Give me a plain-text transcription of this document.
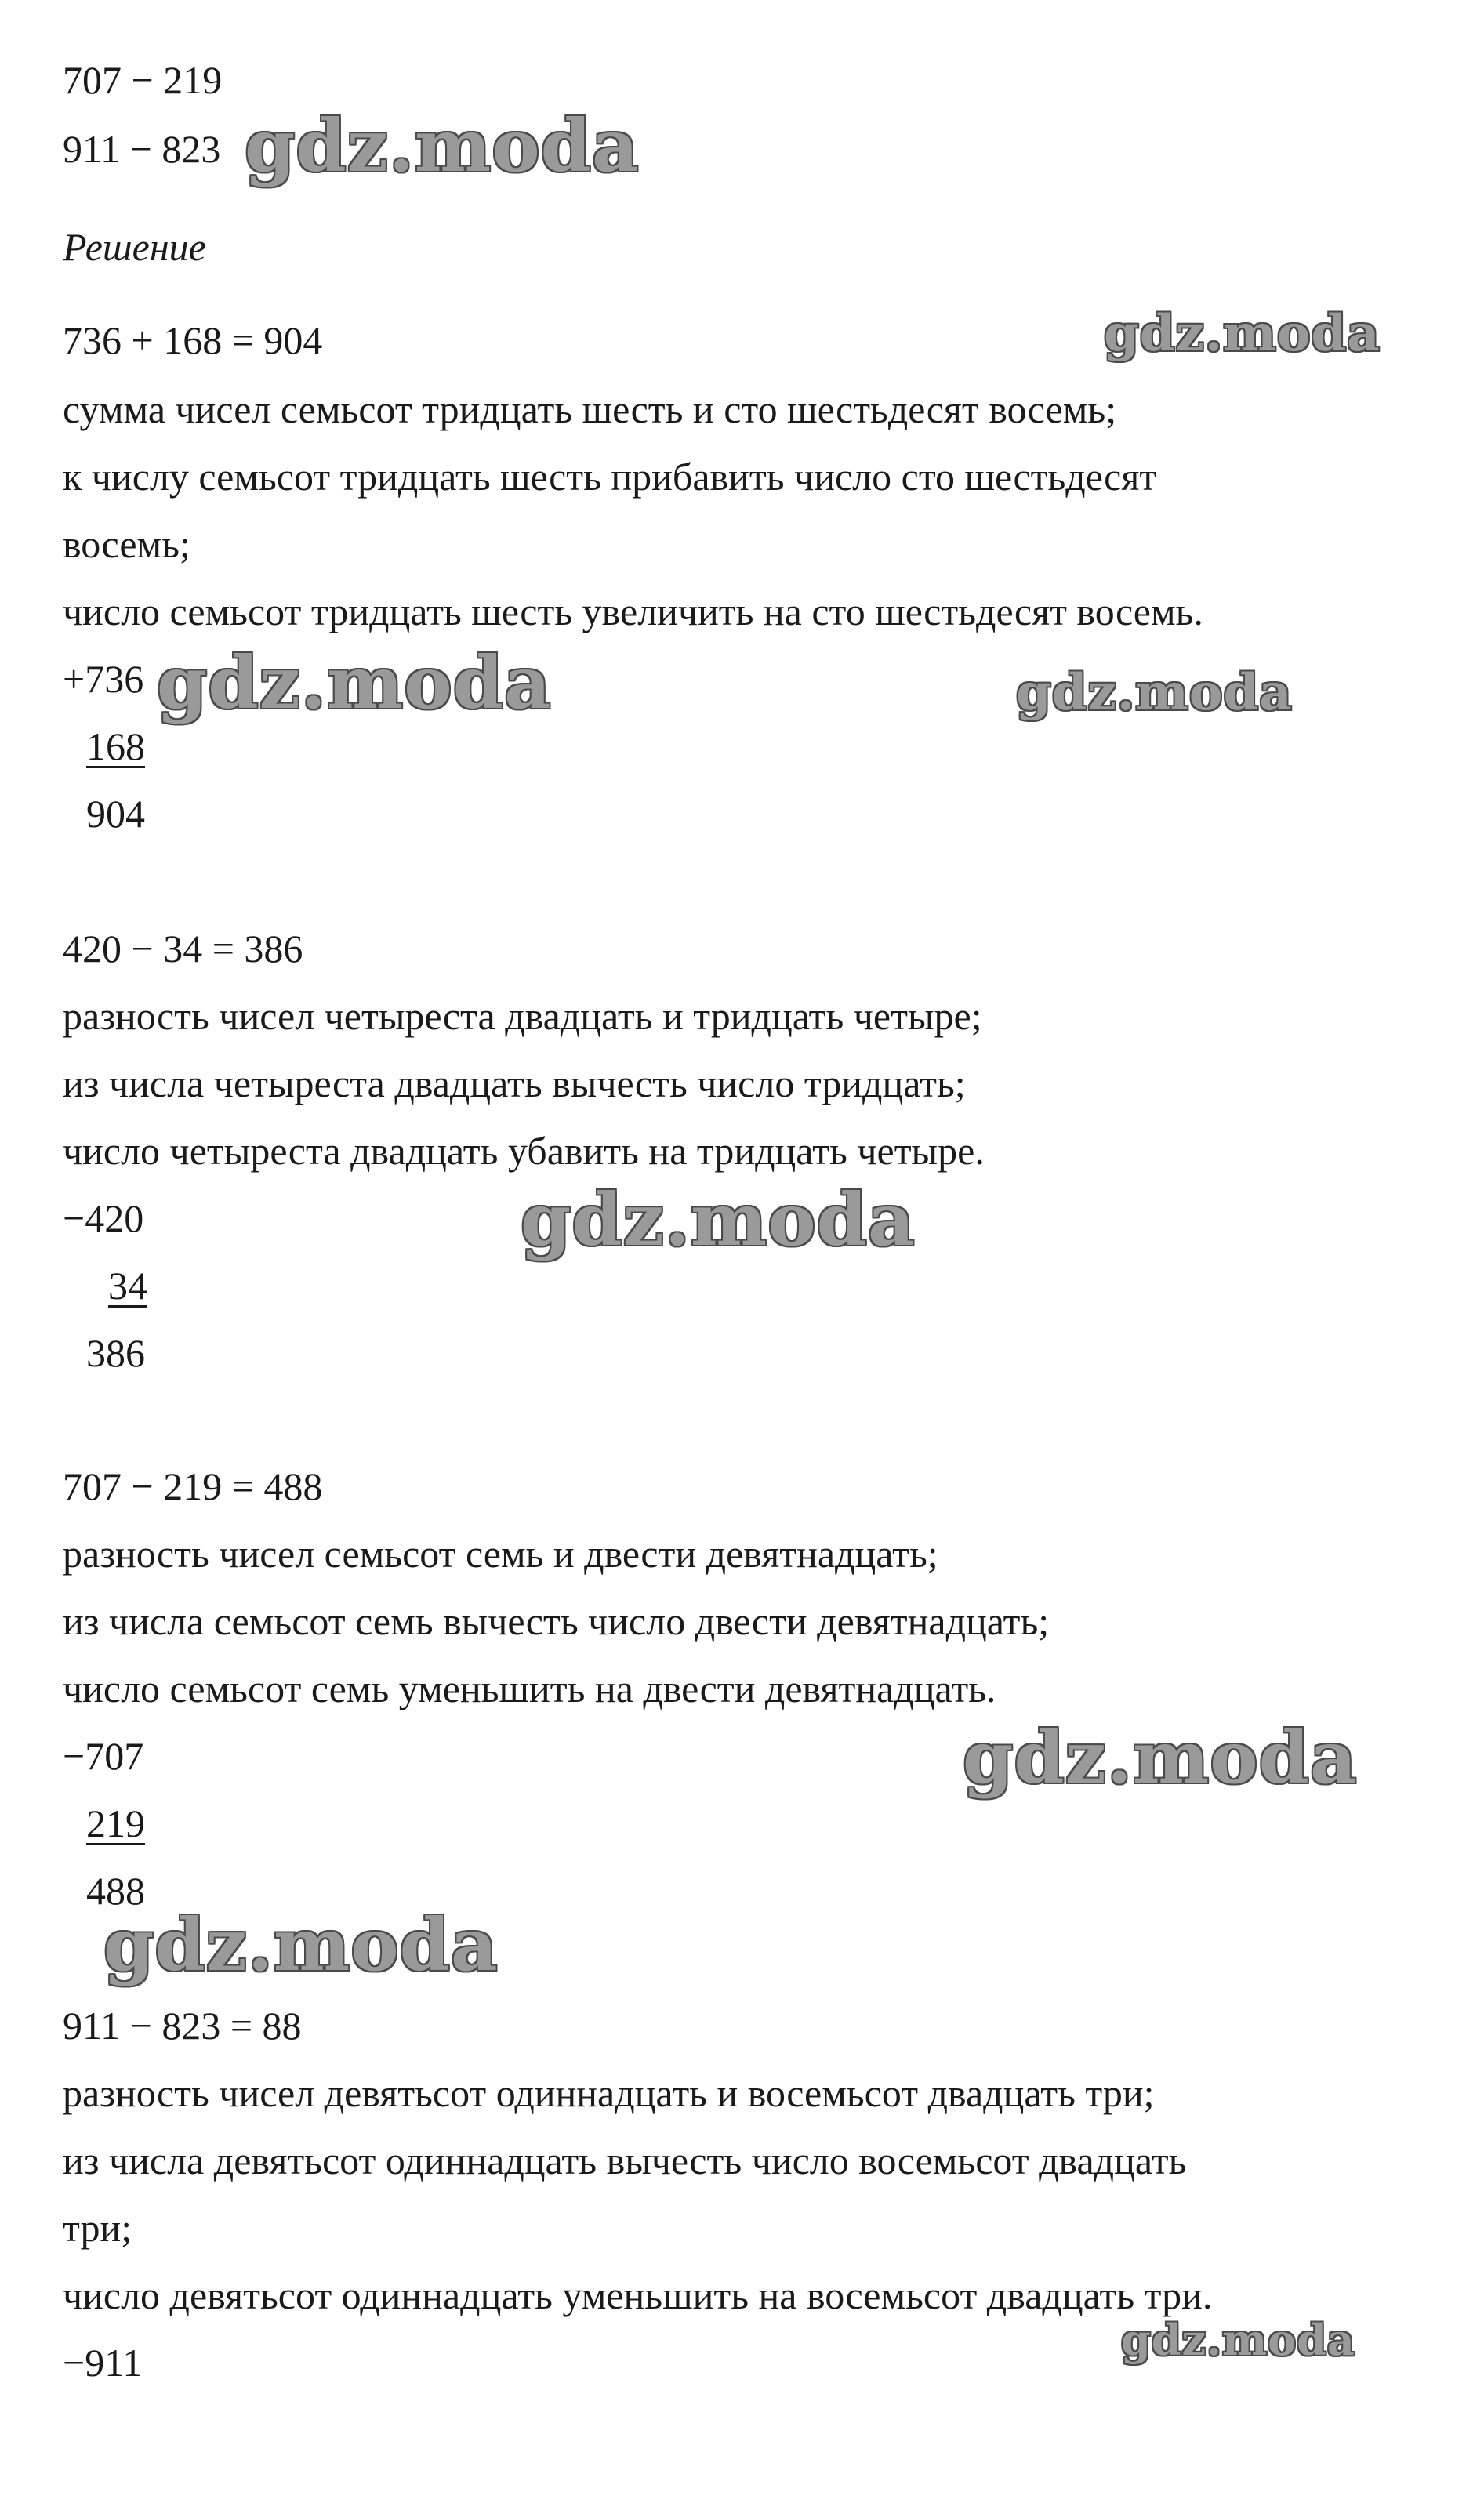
707 − 219
911 − 823
Решение
736 + 168 = 904
сумма чисел семьсот тридцать шесть и сто шестьдесят восемь;
к числу семьсот тридцать шесть прибавить число сто шестьдесят
восемь;
число семьсот тридцать шесть увеличить на сто шестьдесят восемь.
+736
168
904
420 − 34 = 386
разность чисел четыреста двадцать и тридцать четыре;
из числа четыреста двадцать вычесть число тридцать;
число четыреста двадцать убавить на тридцать четыре.
−420
34
386
707 − 219 = 488
разность чисел семьсот семь и двести девятнадцать;
из числа семьсот семь вычесть число двести девятнадцать;
число семьсот семь уменьшить на двести девятнадцать.
−707
219
488
911 − 823 = 88
разность чисел девятьсот одиннадцать и восемьсот двадцать три;
из числа девятьсот одиннадцать вычесть число восемьсот двадцать
три;
число девятьсот одиннадцать уменьшить на восемьсот двадцать три.
−911
gdz.moda
gdz.moda
gdz.moda	gdz.moda
gdz.moda
gdz.moda
gdz.moda
gdz.moda
